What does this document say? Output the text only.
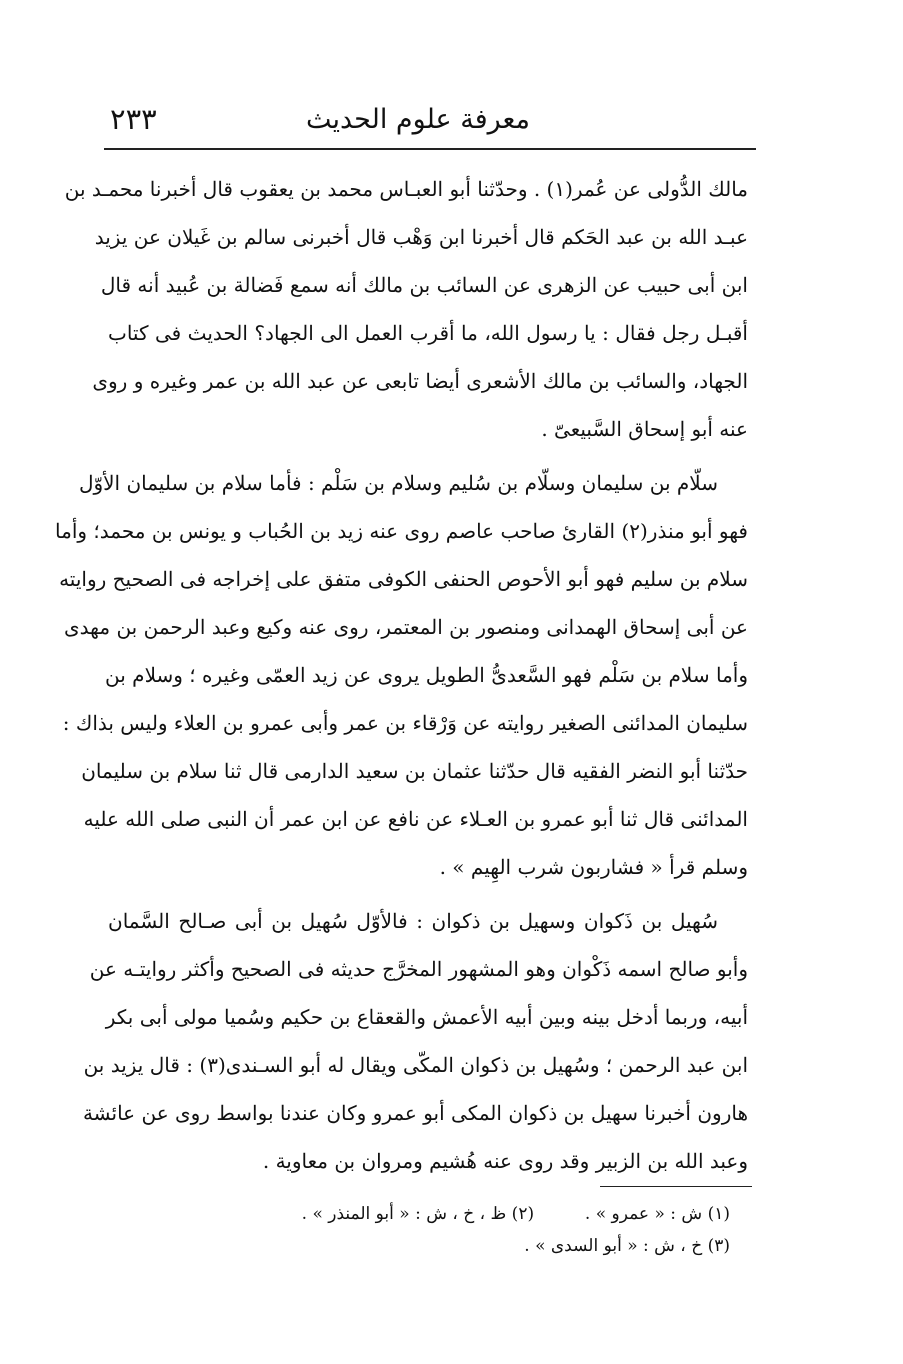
معرفة علوم الحديث
٢٣٣
مالك الدُّولى عن عُمر(١) . وحدّثنا أبو العبـاس محمد بن يعقوب قال أخبرنا محمـد بن
عبـد الله بن عبد الحَكم قال أخبرنا ابن وَهْب قال أخبرنى سالم بن غَيلان عن يزيد
ابن أبى حبيب عن الزهرى عن السائب بن مالك أنه سمع فَضالة بن عُبيد أنه قال
أقبـل رجل فقال : يا رسول الله، ما أقرب العمل الى الجهاد؟ الحديث فى كتاب
الجهاد، والسائب بن مالك الأشعرى أيضا تابعى عن عبد الله بن عمر وغيره و روى
عنه أبو إسحاق السَّبيعىّ .
سلّام بن سليمان وسلّام بن سُليم وسلام بن سَلْم : فأما سلام بن سليمان الأوّل
فهو أبو منذر(٢) القارئ صاحب عاصم روى عنه زيد بن الحُباب و يونس بن محمد؛ وأما
سلام بن سليم فهو أبو الأحوص الحنفى الكوفى متفق على إخراجه فى الصحيح روايته
عن أبى إسحاق الهمدانى ومنصور بن المعتمر، روى عنه وكيع وعبد الرحمن بن مهدى
وأما سلام بن سَلْم فهو السَّعدىُّ الطويل يروى عن زيد العمّى وغيره ؛ وسلام بن
سليمان المدائنى الصغير روايته عن وَرْقاء بن عمر وأبى عمرو بن العلاء وليس بذاك :
حدّثنا أبو النضر الفقيه قال حدّثنا عثمان بن سعيد الدارمى قال ثنا سلام بن سليمان
المدائنى قال ثنا أبو عمرو بن العـلاء عن نافع عن ابن عمر أن النبى صلى الله عليه
وسلم قرأ « فشاربون شرب الهِيم » .
سُهيل بن ذَكوان وسهيل بن ذكوان : فالأوّل سُهيل بن أبى صـالح السَّمان
وأبو صالح اسمه ذَكْوان وهو المشهور المخرَّج حديثه فى الصحيح وأكثر روايتـه عن
أبيه، وربما أدخل بينه وبين أبيه الأعمش والقعقاع بن حكيم وسُميا مولى أبى بكر
ابن عبد الرحمن ؛ وسُهيل بن ذكوان المكّى ويقال له أبو السـندى(٣) : قال يزيد بن
هارون أخبرنا سهيل بن ذكوان المكى أبو عمرو وكان عندنا بواسط روى عن عائشة
وعبد الله بن الزبير وقد روى عنه هُشيم ومروان بن معاوية .
(١) ش : « عمرو » .  (٢) ظ ، خ ، ش : « أبو المنذر » .
(٣) خ ، ش : « أبو السدى » .
